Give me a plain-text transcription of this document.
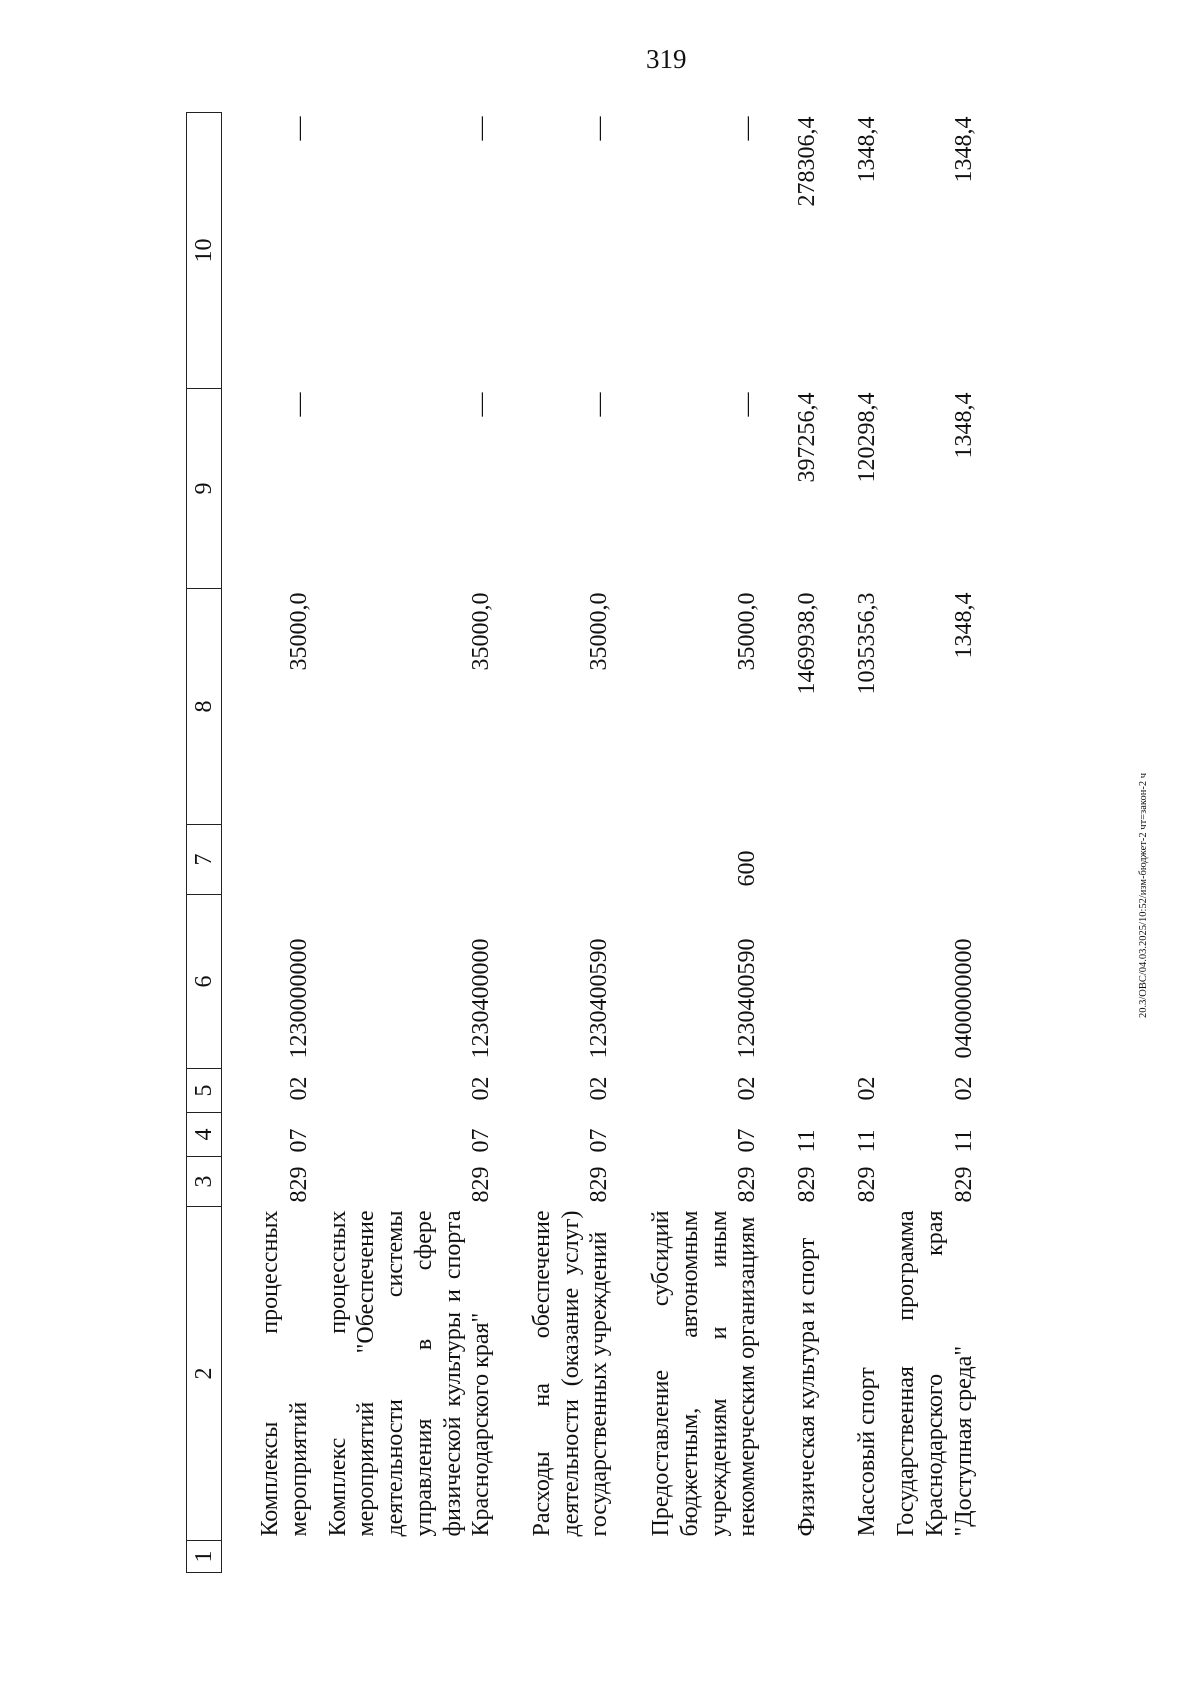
319
20.3/ОВС/04.03.2025/10:52/изм-бюджет-2 чт=закон-2 ч
1	2	3	4	5	6	7	8	9	10
	Комплексы процессных мероприятий	829	07	02	1230000000		35000,0	—	—
	Комплекс процессных мероприятий "Обеспечение деятельности системы управления в сфере физической культуры и спорта Краснодарского края"	829	07	02	1230400000		35000,0	—	—
	Расходы на обеспечение деятельности (оказание услуг) государственных учреждений	829	07	02	1230400590		35000,0	—	—
	Предоставление субсидий бюджетным, автономным учреждениям и иным некоммерческим организациям	829	07	02	1230400590	600	35000,0	—	—
	Физическая культура и спорт	829	11				1469938,0	397256,4	278306,4
	Массовый спорт	829	11	02			1035356,3	120298,4	1348,4
	Государственная программа Краснодарского края "Доступная среда"	829	11	02	0400000000		1348,4	1348,4	1348,4
